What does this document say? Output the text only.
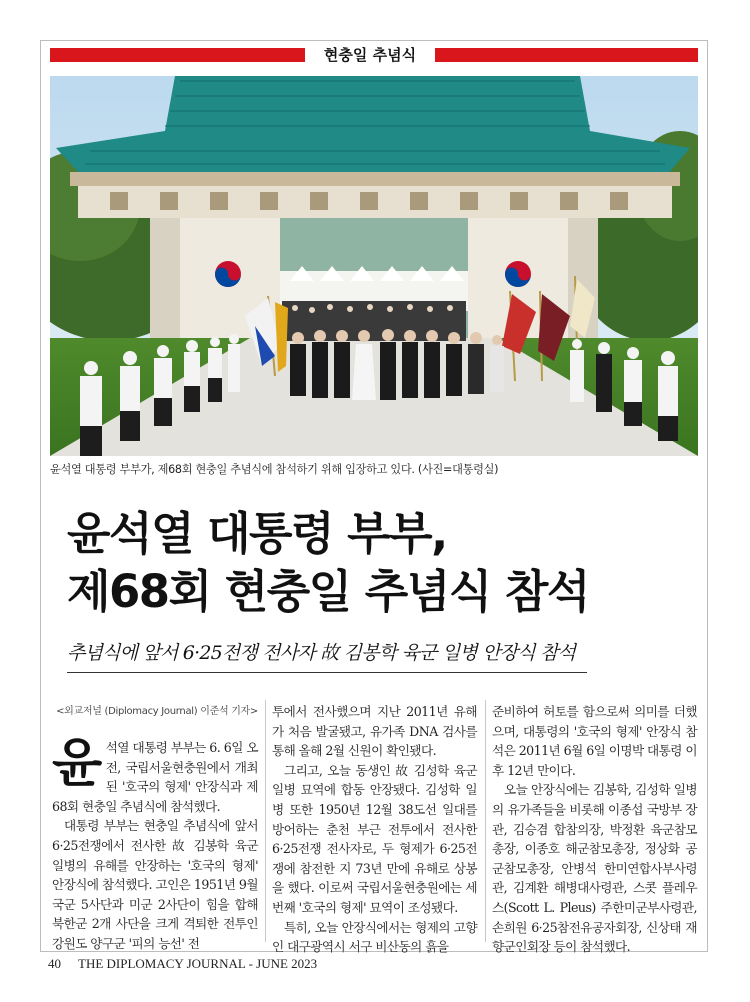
현충일 추념식
윤석열 대통령 부부가, 제68회 현충일 추념식에 참석하기 위해 입장하고 있다. (사진=대통령실)
윤석열 대통령 부부,
제68회 현충일 추념식 참석
추념식에 앞서 6·25전쟁 전사자 故 김봉학 육군 일병 안장식 참석
<외교저널 (Diplomacy Journal) 이준석 기자>

윤석열 대통령 부부는 6. 6일 오전, 국립서울현충원에서 개최된 '호국의 형제' 안장식과 제68회 현충일 추념식에 참석했다.

대통령 부부는 현충일 추념식에 앞서 6·25전쟁에서 전사한 故 김봉학 육군 일병의 유해를 안장하는 '호국의 형제' 안장식에 참석했다. 고인은 1951년 9월 국군 5사단과 미군 2사단이 힘을 합해 북한군 2개 사단을 크게 격퇴한 전투인 강원도 양구군 '피의 능선' 전

투에서 전사했으며 지난 2011년 유해가 처음 발굴됐고, 유가족 DNA 검사를 통해 올해 2월 신원이 확인됐다.

그리고, 오늘 동생인 故 김성학 육군 일병 묘역에 합동 안장됐다. 김성학 일병 또한 1950년 12월 38도선 일대를 방어하는 춘천 부근 전투에서 전사한 6·25전쟁 전사자로, 두 형제가 6·25전쟁에 참전한 지 73년 만에 유해로 상봉을 했다. 이로써 국립서울현충원에는 세 번째 '호국의 형제' 묘역이 조성됐다.

특히, 오늘 안장식에서는 형제의 고향인 대구광역시 서구 비산동의 흙을

준비하여 허토를 함으로써 의미를 더했으며, 대통령의 '호국의 형제' 안장식 참석은 2011년 6월 6일 이명박 대통령 이후 12년 만이다.

오늘 안장식에는 김봉학, 김성학 일병의 유가족들을 비롯해 이종섭 국방부 장관, 김승겸 합참의장, 박정환 육군참모총장, 이종호 해군참모총장, 정상화 공군참모총장, 안병석 한미연합사부사령관, 김계환 해병대사령관, 스콧 플레우스(Scott L. Pleus) 주한미군부사령관, 손희원 6·25참전유공자회장, 신상태 재향군인회장 등이 참석했다.

40 THE DIPLOMACY JOURNAL - JUNE 2023
